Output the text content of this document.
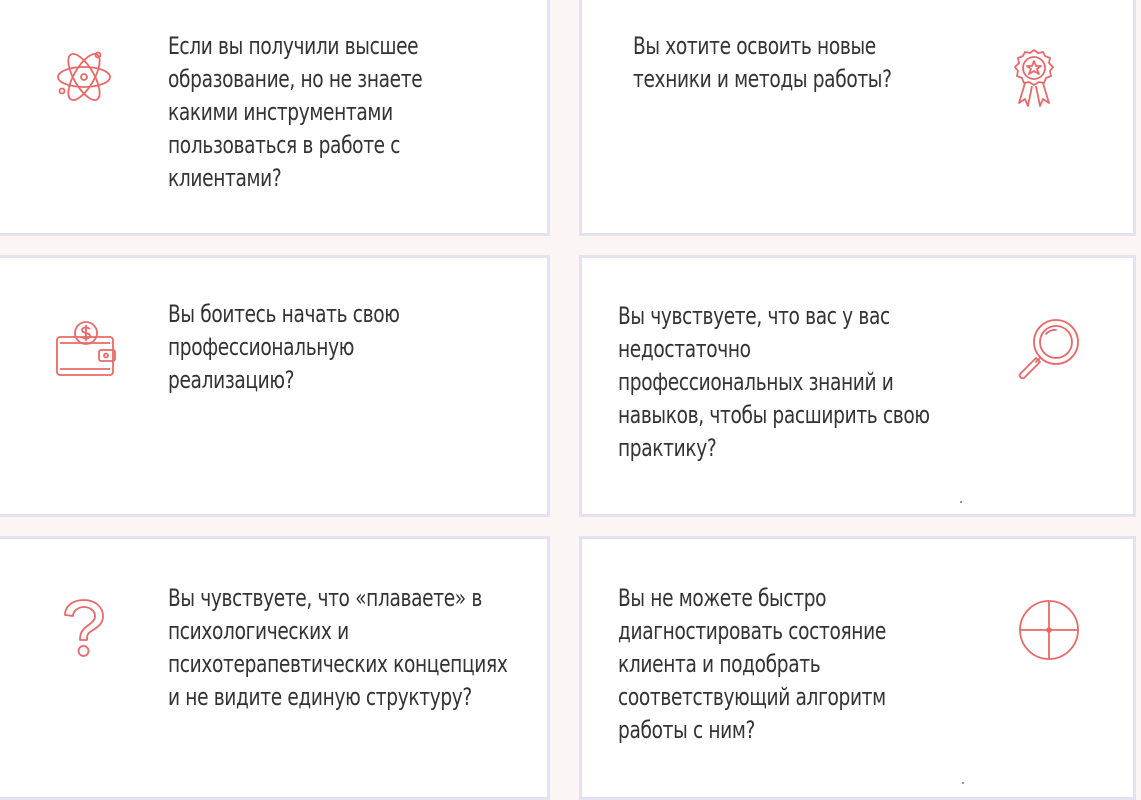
Если вы получили высшее образование, но не знаете какими инструментами пользоваться в работе с клиентами?

Вы хотите освоить новые техники и методы работы?

Вы боитесь начать свою профессиональную реализацию?

Вы чувствуете, что вас у вас недостаточно профессиональных знаний и навыков, чтобы расширить свою практику?

Вы чувствуете, что «плаваете» в психологических и психотерапевтических концепциях и не видите единую структуру?

Вы не можете быстро диагностировать состояние клиента и подобрать соответствующий алгоритм работы с ним?
